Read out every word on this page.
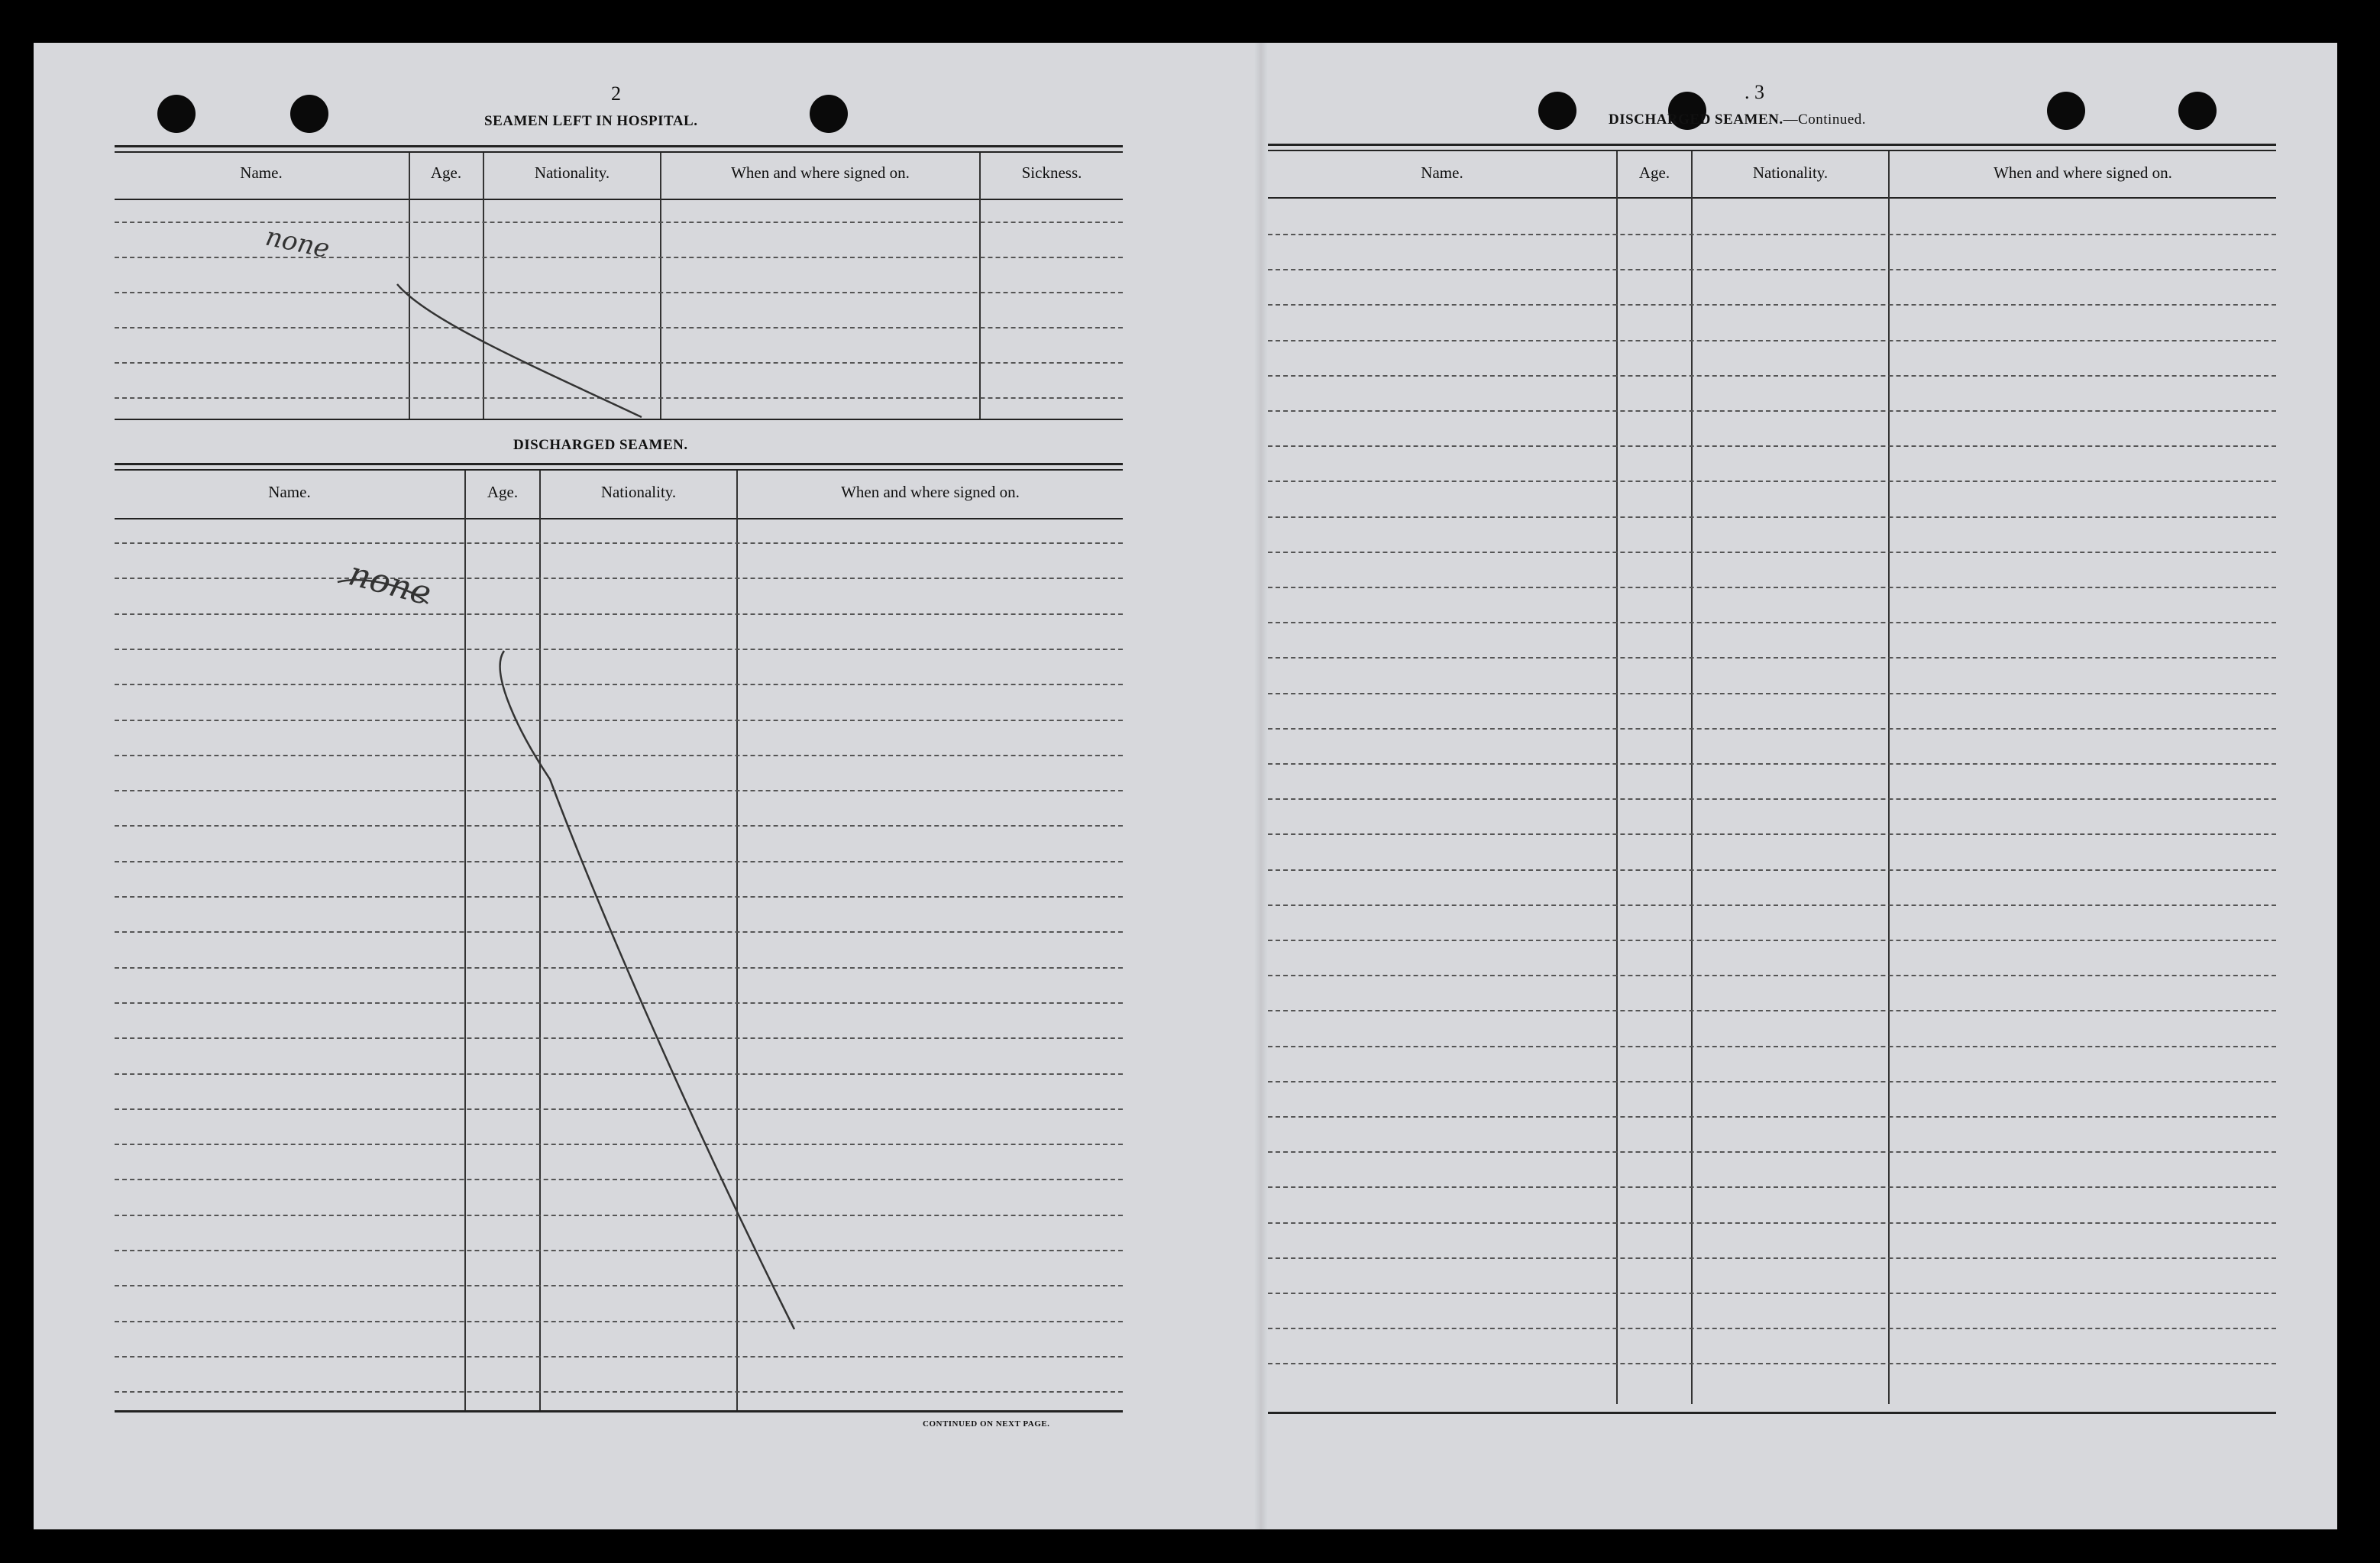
2
SEAMEN LEFT IN HOSPITAL.
Name.	Age.	Nationality.	When and where signed on.	Sickness.
DISCHARGED SEAMEN.
Name.	Age.	Nationality.	When and where signed on.
CONTINUED ON NEXT PAGE.
. 3
DISCHARGED SEAMEN.—Continued.
Name.	Age.	Nationality.	When and where signed on.
none
none
